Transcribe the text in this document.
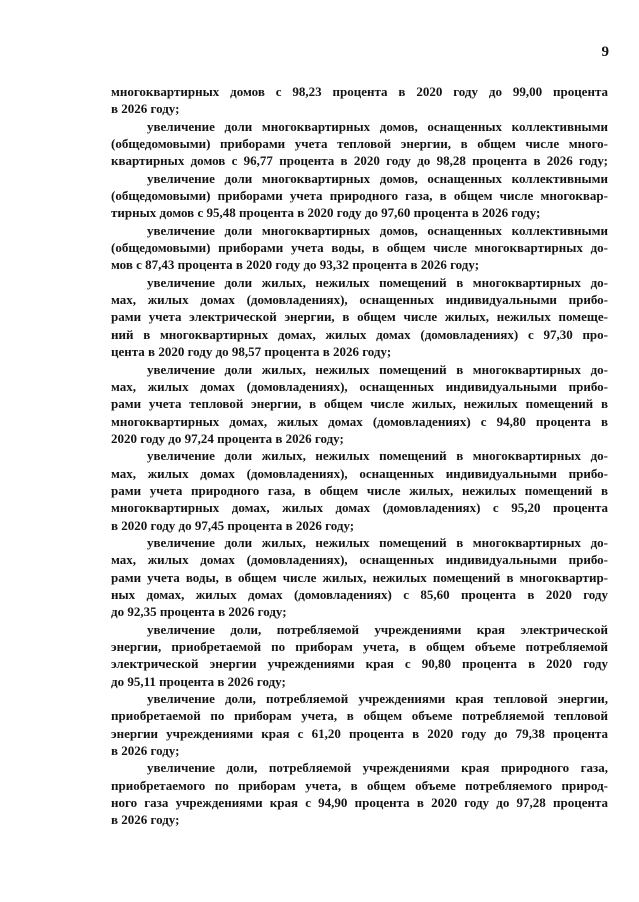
9
многоквартирных домов с 98,23 процента в 2020 году до 99,00 процента
в 2026 году;
увеличение доли многоквартирных домов, оснащенных коллективными
(общедомовыми) приборами учета тепловой энергии, в общем числе много-
квартирных домов с 96,77 процента в 2020 году до 98,28 процента в 2026 году;
увеличение доли многоквартирных домов, оснащенных коллективными
(общедомовыми) приборами учета природного газа, в общем числе многоквар-
тирных домов с 95,48 процента в 2020 году до 97,60 процента в 2026 году;
увеличение доли многоквартирных домов, оснащенных коллективными
(общедомовыми) приборами учета воды, в общем числе многоквартирных до-
мов с 87,43 процента в 2020 году до 93,32 процента в 2026 году;
увеличение доли жилых, нежилых помещений в многоквартирных до-
мах, жилых домах (домовладениях), оснащенных индивидуальными прибо-
рами учета электрической энергии, в общем числе жилых, нежилых помеще-
ний в многоквартирных домах, жилых домах (домовладениях) с 97,30 про-
цента в 2020 году до 98,57 процента в 2026 году;
увеличение доли жилых, нежилых помещений в многоквартирных до-
мах, жилых домах (домовладениях), оснащенных индивидуальными прибо-
рами учета тепловой энергии, в общем числе жилых, нежилых помещений в
многоквартирных домах, жилых домах (домовладениях) с 94,80 процента в
2020 году до 97,24 процента в 2026 году;
увеличение доли жилых, нежилых помещений в многоквартирных до-
мах, жилых домах (домовладениях), оснащенных индивидуальными прибо-
рами учета природного газа, в общем числе жилых, нежилых помещений в
многоквартирных домах, жилых домах (домовладениях) с 95,20 процента
в 2020 году до 97,45 процента в 2026 году;
увеличение доли жилых, нежилых помещений в многоквартирных до-
мах, жилых домах (домовладениях), оснащенных индивидуальными прибо-
рами учета воды, в общем числе жилых, нежилых помещений в многоквартир-
ных домах, жилых домах (домовладениях) с 85,60 процента в 2020 году
до 92,35 процента в 2026 году;
увеличение доли, потребляемой учреждениями края электрической
энергии, приобретаемой по приборам учета, в общем объеме потребляемой
электрической энергии учреждениями края с 90,80 процента в 2020 году
до 95,11 процента в 2026 году;
увеличение доли, потребляемой учреждениями края тепловой энергии,
приобретаемой по приборам учета, в общем объеме потребляемой тепловой
энергии учреждениями края с 61,20 процента в 2020 году до 79,38 процента
в 2026 году;
увеличение доли, потребляемой учреждениями края природного газа,
приобретаемого по приборам учета, в общем объеме потребляемого природ-
ного газа учреждениями края с 94,90 процента в 2020 году до 97,28 процента
в 2026 году;
